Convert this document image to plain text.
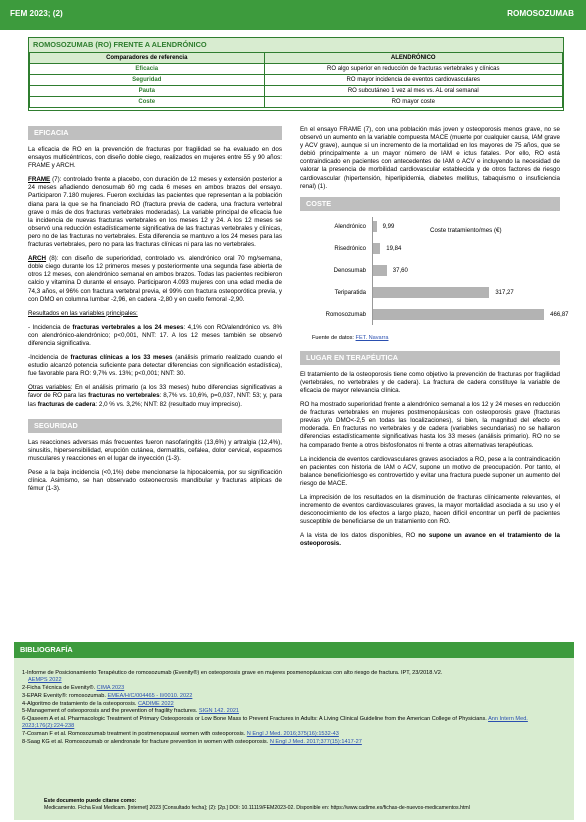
FEM 2023; (2)	ROMOSOZUMAB
ROMOSOZUMAB (RO) FRENTE A ALENDRÓNICO
Comparadores de referencia	ALENDRÓNICO
Eficacia	RO algo superior en reducción de fracturas vertebrales y clínicas
Seguridad	RO mayor incidencia de eventos cardiovasculares
Pauta	RO subcutáneo 1 vez al mes vs. AL oral semanal
Coste	RO mayor coste
EFICACIA

La eficacia de RO en la prevención de fracturas por fragilidad se ha evaluado en dos ensayos multicéntricos, con diseño doble ciego, realizados en mujeres entre 55 y 90 años: FRAME y ARCH.

FRAME (7): controlado frente a placebo, con duración de 12 meses y extensión posterior a 24 meses añadiendo denosumab 60 mg cada 6 meses en ambos brazos del ensayo. Participaron 7.180 mujeres. Fueron excluidas las pacientes que representan a la población diana para la que se ha financiado RO (fractura previa de cadera, una fractura vertebral grave o más de dos fracturas vertebrales moderadas). La variable principal de eficacia fue la incidencia de nuevas fracturas vertebrales en los meses 12 y 24. A los 12 meses se observó una reducción estadísticamente significativa de las fracturas vertebrales y clínicas, pero no de las fracturas no vertebrales. Esta diferencia se mantuvo a los 24 meses para las fracturas vertebrales, pero no para las fracturas clínicas ni para las no vertebrales.

ARCH (8): con diseño de superioridad, controlado vs. alendrónico oral 70 mg/semana, doble ciego durante los 12 primeros meses y posteriormente una segunda fase abierta de otros 12 meses, con alendrónico semanal en ambos brazos. Todas las pacientes recibieron calcio y vitamina D durante el ensayo. Participaron 4.093 mujeres con una edad media de 74,3 años, el 96% con fractura vertebral previa, el 99% con fractura osteoporótica previa, y con DMO en columna lumbar -2,96, en cadera -2,80 y en cuello femoral -2,90.

Resultados en las variables principales:

- Incidencia de fracturas vertebrales a los 24 meses: 4,1% con RO/alendrónico vs. 8% con alendrónico-alendrónico; p<0,001, NNT: 17. A los 12 meses también se observó diferencia significativa.

-Incidencia de fracturas clínicas a los 33 meses (análisis primario realizado cuando el estudio alcanzó potencia suficiente para detectar diferencias con significación estadística), fue favorable para RO: 9,7% vs. 13%; p<0,001; NNT: 30.

Otras variables: En el análisis primario (a los 33 meses) hubo diferencias significativas a favor de RO para las fracturas no vertebrales: 8,7% vs. 10,6%, p=0,037, NNT: 53; y, para las fracturas de cadera: 2,0 % vs. 3,2%; NNT: 82 (resultado muy impreciso).

SEGURIDAD

Las reacciones adversas más frecuentes fueron nasofaringitis (13,6%) y artralgia (12,4%), sinusitis, hipersensibilidad, erupción cutánea, dermatitis, cefalea, dolor cervical, espasmos musculares y reacciones en el lugar de inyección (1-3).

Pese a la baja incidencia (<0,1%) debe mencionarse la hipocalcemia, por su significación clínica. Asimismo, se han observado osteonecrosis mandibular y fracturas atípicas de fémur (1-3).

En el ensayo FRAME (7), con una población más joven y osteoporosis menos grave, no se observó un aumento en la variable compuesta MACE (muerte por cualquier causa, IAM grave y ACV grave), aunque sí un incremento de la mortalidad en los mayores de 75 años, que se debió principalmente a un mayor número de IAM e ictus fatales. Por ello, RO está contraindicado en pacientes con antecedentes de IAM o ACV e incluyendo la necesidad de valorar la presencia de morbilidad cardiovascular establecida y de otros factores de riesgo cardiovascular (hipertensión, hiperlipidemia, diabetes mellitus, tabaquismo o insuficiencia renal) (1).

COSTE
Alendrónico	9,99
Risedrónico	19,84
Denosumab	37,60
Teriparatida	317,27
Romosozumab	466,87
Coste tratamiento/mes (€)
Fuente de datos: FET. Navarra
LUGAR EN TERAPÉUTICA

El tratamiento de la osteoporosis tiene como objetivo la prevención de fracturas por fragilidad (vertebrales, no vertebrales y de cadera). La fractura de cadera constituye la variable de eficacia de mayor relevancia clínica.

RO ha mostrado superioridad frente a alendrónico semanal a los 12 y 24 meses en reducción de fracturas vertebrales en mujeres postmenopáusicas con osteoporosis grave (fracturas previas y/o DMO<-2,5 en todas las localizaciones), si bien, la magnitud del efecto es moderada. En fracturas no vertebrales y de cadera (variables secundarias) no se hallaron diferencias estadísticamente significativas hasta los 33 meses (análisis primario). RO no se ha comparado frente a otros bisfosfonatos ni frente a otras alternativas terapéuticas.

La incidencia de eventos cardiovasculares graves asociados a RO, pese a la contraindicación en pacientes con historia de IAM o ACV, supone un motivo de preocupación. Por tanto, el balance beneficio/riesgo es controvertido y evitar una fractura puede suponer un aumento del riesgo de MACE.

La imprecisión de los resultados en la disminución de fracturas clínicamente relevantes, el incremento de eventos cardiovasculares graves, la mayor mortalidad asociada a su uso y el desconocimiento de los efectos a largo plazo, hacen difícil encontrar un perfil de pacientes susceptible de beneficiarse de un tratamiento con RO.

A la vista de los datos disponibles, RO no supone un avance en el tratamiento de la osteoporosis.

BIBLIOGRAFÍA
1-Informe de Posicionamiento Terapéutico de romosozumab (Evenity®) en osteoporosis grave en mujeres posmenopáusicas con alto riesgo de fractura. IPT, 23/2018.V2.
AEMPS 2022
2-Ficha Técnica de Evenity®. CIMA 2023
3-EPAR Evenity®: romosozumab. EMEA/H/C/004465 - II/0010. 2022
4-Algoritmo de tratamiento de la osteoporosis. CADIME 2022
5-Management of osteoporosis and the prevention of fragility fractures. SIGN 142. 2021
6-Qaseem A et al. Pharmacologic Treatment of Primary Osteoporosis or Low Bone Mass to Prevent Fractures in Adults: A Living Clinical Guideline from the American College of Physicians. Ann Intern Med. 2023;176(2):224-238
7-Cosman F et al. Romosozumab treatment in postmenopausal women with osteoporosis. N Engl J Med. 2016;375(16):1532-43
8-Saag KG et al. Romosozumab or alendronate for fracture prevention in women with osteoporosis. N Engl J Med. 2017;377(15):1417-27
Este documento puede citarse como:
Medicamento. Ficha Eval Medicam. [Internet] 2023 [Consultado fecha]; (2): [2p.] DOI: 10.11119/FEM2023-02. Disponible en: https://www.cadime.es/fichas-de-nuevos-medicamentos.html
